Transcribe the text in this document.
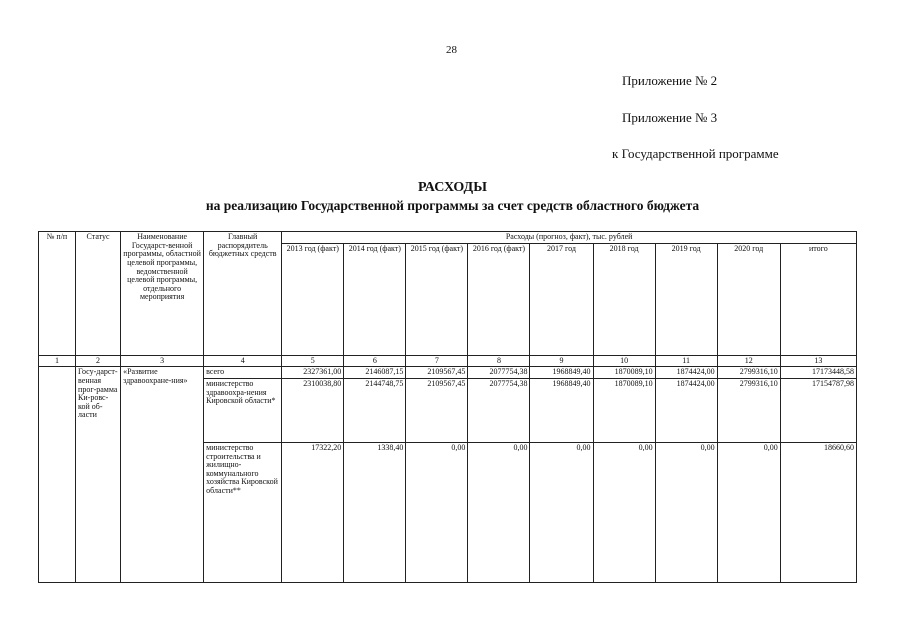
28
Приложение № 2
Приложение № 3
к Государственной программе
РАСХОДЫ
на реализацию Государственной программы за счет средств областного бюджета
№ п/п	Статус	Наименование Государст-венной программы, областной целевой программы, ведомственной целевой программы, отдельного мероприятия	Главный распорядитель бюджетных средств	Расходы (прогноз, факт), тыс. рублей								
				2013 год (факт)	2014 год (факт)	2015 год (факт)	2016 год (факт)	2017 год	2018 год	2019 год	2020 год	итого
1	2	3	4	5	6	7	8	9	10	11	12	13
	Госу-дарст-венная прог-рамма Ки-ровс-кой об-ласти	«Развитие здравоохране-ния»	всего	2327361,00	2146087,15	2109567,45	2077754,38	1968849,40	1870089,10	1874424,00	2799316,10	17173448,58
			министерство здравоохра-нения Кировской области*	2310038,80	2144748,75	2109567,45	2077754,38	1968849,40	1870089,10	1874424,00	2799316,10	17154787,98
			министерство строительства и жилищно-коммунального хозяйства Кировской области**	17322,20	1338,40	0,00	0,00	0,00	0,00	0,00	0,00	18660,60
